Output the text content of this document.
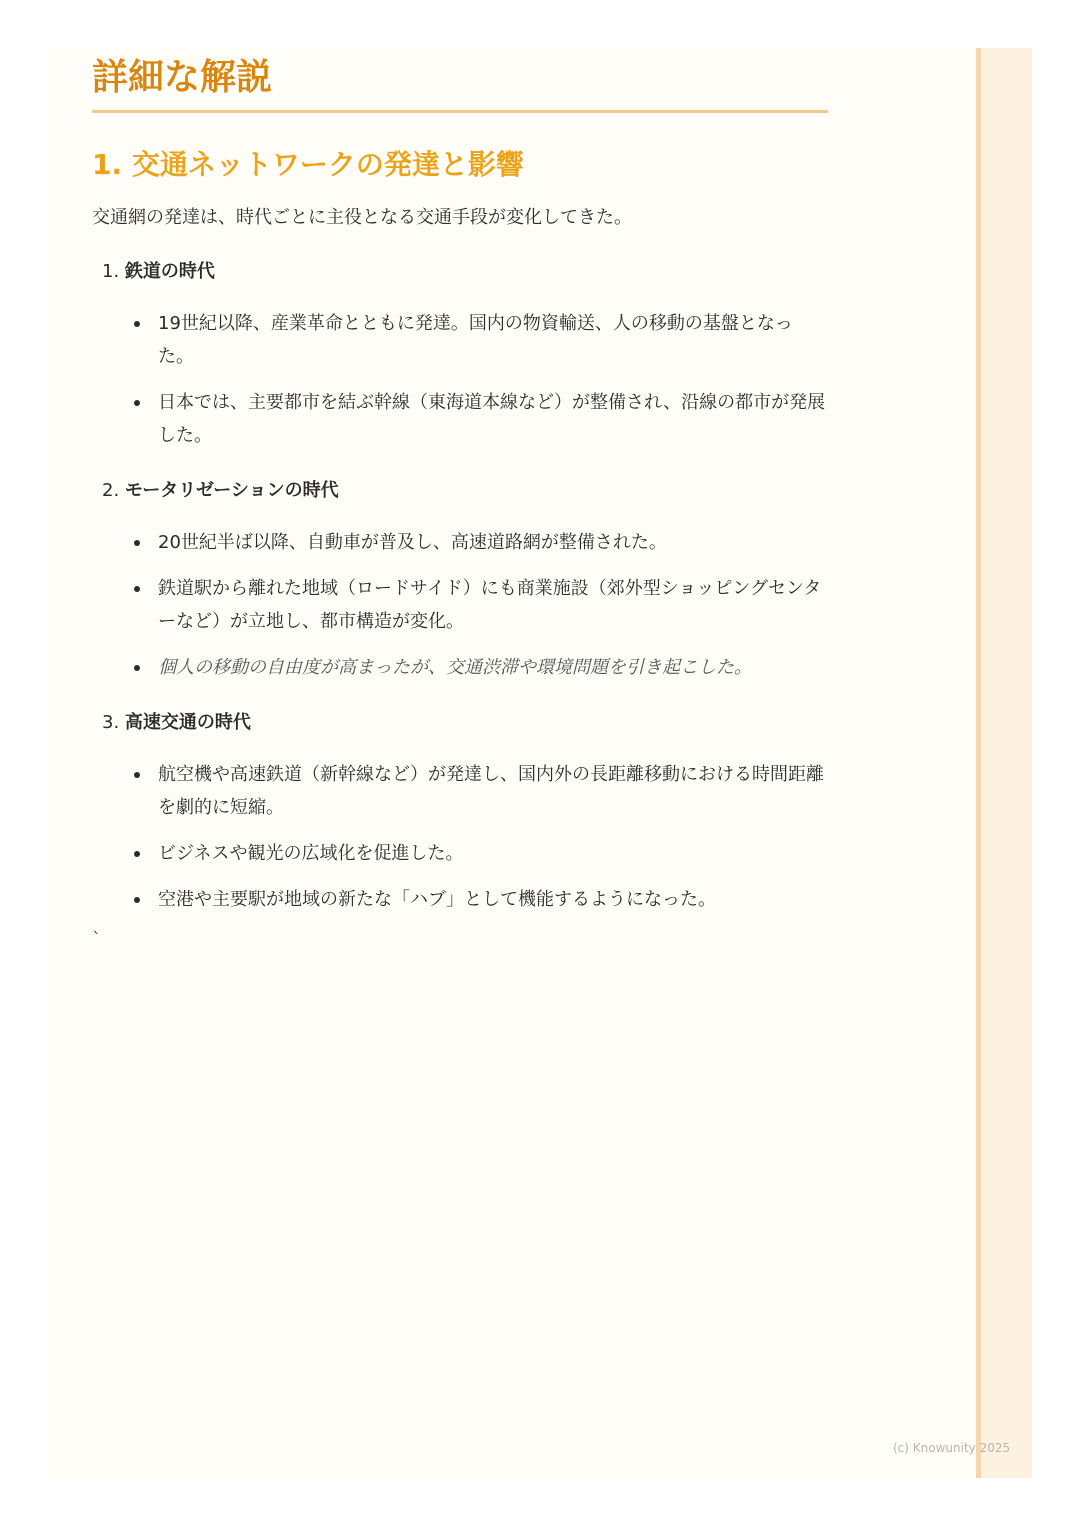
詳細な解説
1. 交通ネットワークの発達と影響

交通網の発達は、時代ごとに主役となる交通手段が変化してきた。

1. 鉄道の時代
19世紀以降、産業革命とともに発達。国内の物資輸送、人の移動の基盤となった。
日本では、主要都市を結ぶ幹線（東海道本線など）が整備され、沿線の都市が発展した。
2. モータリゼーションの時代
20世紀半ば以降、自動車が普及し、高速道路網が整備された。
鉄道駅から離れた地域（ロードサイド）にも商業施設（郊外型ショッピングセンターなど）が立地し、都市構造が変化。
個人の移動の自由度が高まったが、交通渋滞や環境問題を引き起こした。
3. 高速交通の時代
航空機や高速鉄道（新幹線など）が発達し、国内外の長距離移動における時間距離を劇的に短縮。
ビジネスや観光の広域化を促進した。
空港や主要駅が地域の新たな「ハブ」として機能するようになった。
`
(c) Knowunity 2025
